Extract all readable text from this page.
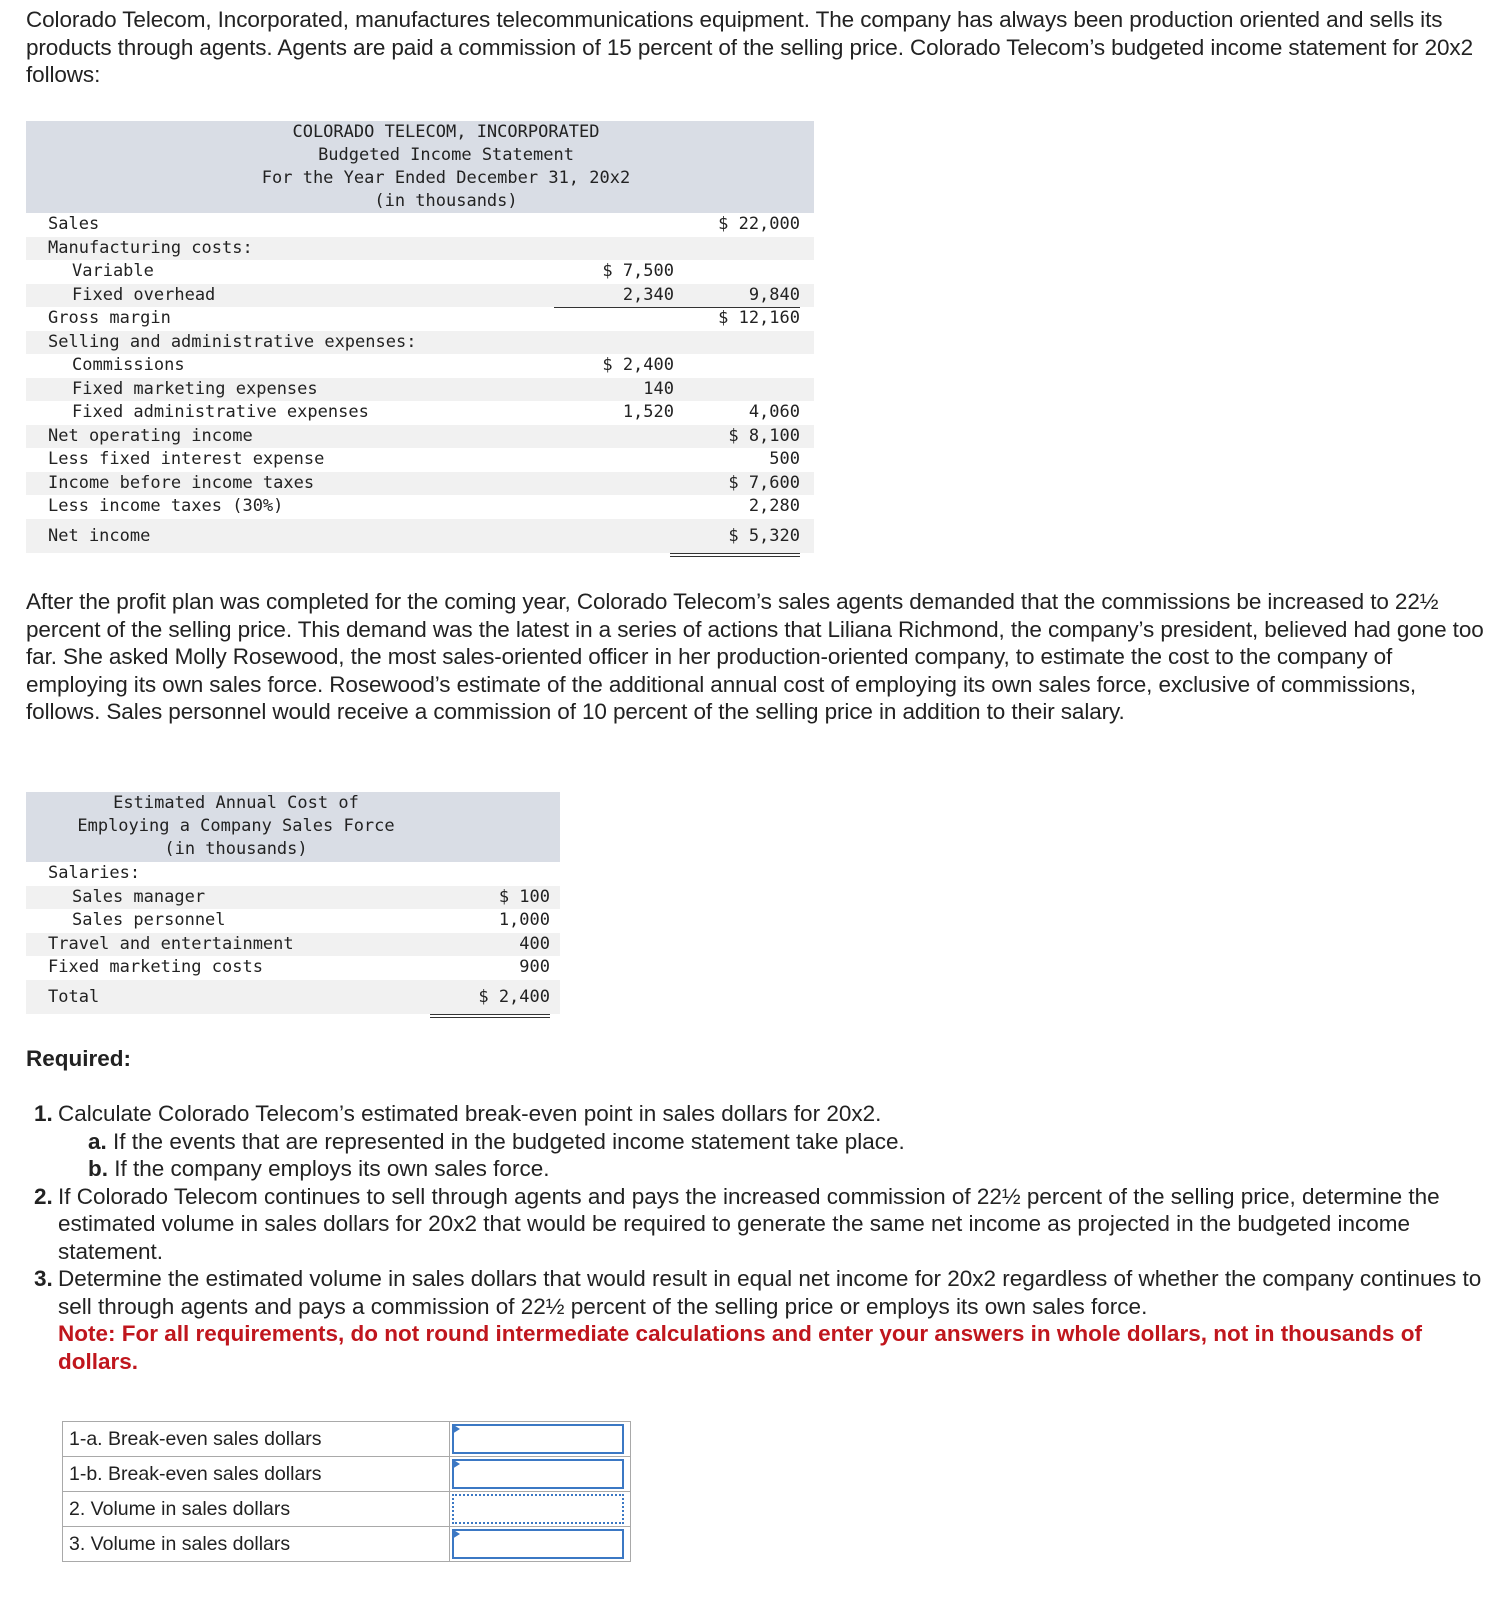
Colorado Telecom, Incorporated, manufactures telecommunications equipment. The company has always been production oriented and sells its products through agents. Agents are paid a commission of 15 percent of the selling price. Colorado Telecom’s budgeted income statement for 20x2 follows:

COLORADO TELECOM, INCORPORATED
Budgeted Income Statement
For the Year Ended December 31, 20x2
(in thousands)
Sales	$ 22,000
Manufacturing costs:
Variable	$ 7,500
Fixed overhead	2,340	9,840
Gross margin	$ 12,160
Selling and administrative expenses:
Commissions	$ 2,400
Fixed marketing expenses	140
Fixed administrative expenses	1,520	4,060
Net operating income	$ 8,100
Less fixed interest expense	500
Income before income taxes	$ 7,600
Less income taxes (30%)	2,280
Net income	$ 5,320

After the profit plan was completed for the coming year, Colorado Telecom’s sales agents demanded that the commissions be increased to 22½ percent of the selling price. This demand was the latest in a series of actions that Liliana Richmond, the company’s president, believed had gone too far. She asked Molly Rosewood, the most sales-oriented officer in her production-oriented company, to estimate the cost to the company of employing its own sales force. Rosewood’s estimate of the additional annual cost of employing its own sales force, exclusive of commissions, follows. Sales personnel would receive a commission of 10 percent of the selling price in addition to their salary.

Estimated Annual Cost of
Employing a Company Sales Force
(in thousands)
Salaries:
Sales manager	$ 100
Sales personnel	1,000
Travel and entertainment	400
Fixed marketing costs	900
Total	$ 2,400
Required:
1. Calculate Colorado Telecom’s estimated break-even point in sales dollars for 20x2.
a. If the events that are represented in the budgeted income statement take place.
b. If the company employs its own sales force.
2. If Colorado Telecom continues to sell through agents and pays the increased commission of 22½ percent of the selling price, determine the estimated volume in sales dollars for 20x2 that would be required to generate the same net income as projected in the budgeted income statement.
3. Determine the estimated volume in sales dollars that would result in equal net income for 20x2 regardless of whether the company continues to sell through agents and pays a commission of 22½ percent of the selling price or employs its own sales force.
Note: For all requirements, do not round intermediate calculations and enter your answers in whole dollars, not in thousands of dollars.
1-a. Break-even sales dollars	

1-b. Break-even sales dollars	

2. Volume in sales dollars	
3. Volume in sales dollars	
